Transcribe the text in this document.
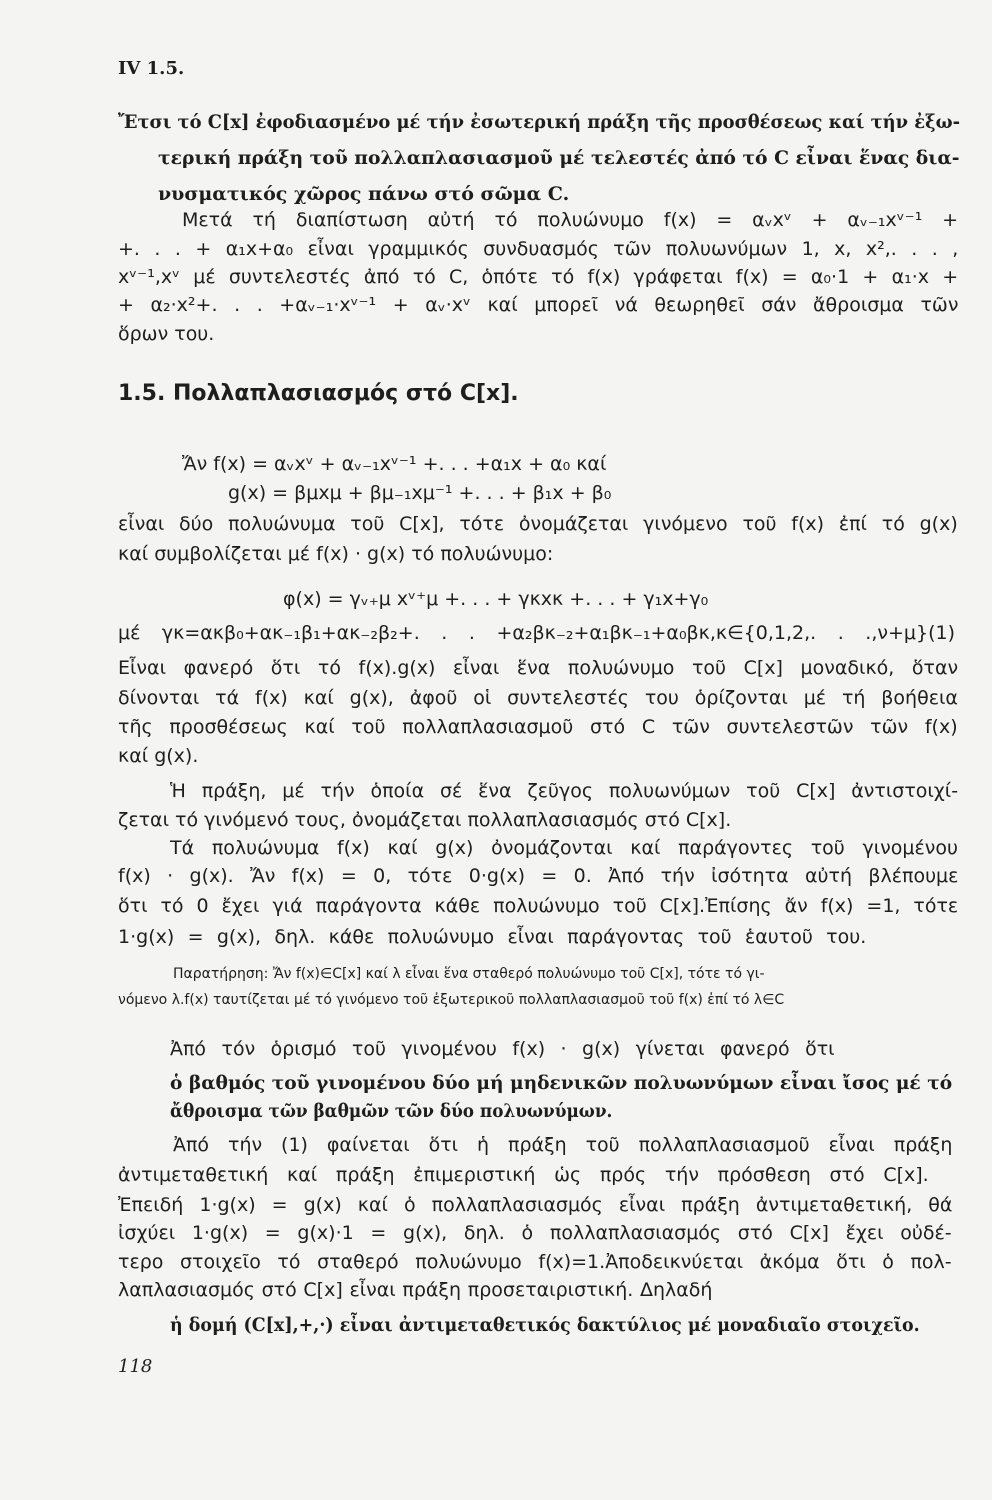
IV 1.5.
1.5. Πολλαπλασιασμός στό C[x].
Ἔτσι τό C[x] ἐφοδιασμένο μέ τήν ἐσωτερική πράξη τῆς προσθέσεως καί τήν ἐξω-
τερική πράξη τοῦ πολλαπλασιασμοῦ μέ τελεστές ἀπό τό C εἶναι ἕνας δια-
νυσματικός χῶρος πάνω στό σῶμα C.
Μετά τή διαπίστωση αὐτή τό πολυώνυμο f(x) = αᵥxᵛ + αᵥ₋₁xᵛ⁻¹ +
+. . . + α₁x+α₀ εἶναι γραμμικός συνδυασμός τῶν πολυωνύμων 1, x, x²,. . . ,
xᵛ⁻¹,xᵛ μέ συντελεστές ἀπό τό C, ὁπότε τό f(x) γράφεται f(x) = α₀·1 + α₁·x +
+ α₂·x²+. . . +αᵥ₋₁·xᵛ⁻¹ + αᵥ·xᵛ καί μπορεῖ νά θεωρηθεῖ σάν ἄθροισμα τῶν
ὅρων του.
Ἄν f(x) = αᵥxᵛ + αᵥ₋₁xᵛ⁻¹ +. . . +α₁x + α₀ καί
g(x) = βμxμ + βμ₋₁xμ⁻¹ +. . . + β₁x + β₀
εἶναι δύο πολυώνυμα τοῦ C[x], τότε ὀνομάζεται γινόμενο τοῦ f(x) ἐπί τό g(x)
καί συμβολίζεται μέ f(x) · g(x) τό πολυώνυμο:
φ(x) = γᵥ₊μ xᵛ⁺μ +. . . + γκxκ +. . . + γ₁x+γ₀
μέ γκ=ακβ₀+ακ₋₁β₁+ακ₋₂β₂+. . . +α₂βκ₋₂+α₁βκ₋₁+α₀βκ,κ∈{0,1,2,. . .,ν+μ}(1)
Εἶναι φανερό ὅτι τό f(x).g(x) εἶναι ἕνα πολυώνυμο τοῦ C[x] μοναδικό, ὅταν
δίνονται τά f(x) καί g(x), ἀφοῦ οἱ συντελεστές του ὁρίζονται μέ τή βοήθεια
τῆς προσθέσεως καί τοῦ πολλαπλασιασμοῦ στό C τῶν συντελεστῶν τῶν f(x)
καί g(x).
Ἡ πράξη, μέ τήν ὁποία σέ ἕνα ζεῦγος πολυωνύμων τοῦ C[x] ἀντιστοιχί-
ζεται τό γινόμενό τους, ὀνομάζεται πολλαπλασιασμός στό C[x].
Τά πολυώνυμα f(x) καί g(x) ὀνομάζονται καί παράγοντες τοῦ γινομένου
f(x) · g(x). Ἄν f(x) = 0, τότε 0·g(x) = 0. Ἀπό τήν ἰσότητα αὐτή βλέπουμε
ὅτι τό 0 ἔχει γιά παράγοντα κάθε πολυώνυμο τοῦ C[x].Ἐπίσης ἄν f(x) =1, τότε
1·g(x) = g(x), δηλ. κάθε πολυώνυμο εἶναι παράγοντας τοῦ ἑαυτοῦ του.
Παρατήρηση: Ἄν f(x)∈C[x] καί λ εἶναι ἕνα σταθερό πολυώνυμο τοῦ C[x], τότε τό γι-
νόμενο λ.f(x) ταυτίζεται μέ τό γινόμενο τοῦ ἐξωτερικοῦ πολλαπλασιασμοῦ τοῦ f(x) ἐπί τό λ∈C
Ἀπό τόν ὁρισμό τοῦ γινομένου f(x) · g(x) γίνεται φανερό ὅτι
ὁ βαθμός τοῦ γινομένου δύο μή μηδενικῶν πολυωνύμων εἶναι ἴσος μέ τό
ἄθροισμα τῶν βαθμῶν τῶν δύο πολυωνύμων.
Ἀπό τήν (1) φαίνεται ὅτι ἡ πράξη τοῦ πολλαπλασιασμοῦ εἶναι πράξη
ἀντιμεταθετική καί πράξη ἐπιμεριστική ὡς πρός τήν πρόσθεση στό C[x].
Ἐπειδή 1·g(x) = g(x) καί ὁ πολλαπλασιασμός εἶναι πράξη ἀντιμεταθετική, θά
ἰσχύει 1·g(x) = g(x)·1 = g(x), δηλ. ὁ πολλαπλασιασμός στό C[x] ἔχει οὐδέ-
τερο στοιχεῖο τό σταθερό πολυώνυμο f(x)=1.Ἀποδεικνύεται ἀκόμα ὅτι ὁ πολ-
λαπλασιασμός στό C[x] εἶναι πράξη προσεταιριστική. Δηλαδή
ἡ δομή (C[x],+,·) εἶναι ἀντιμεταθετικός δακτύλιος μέ μοναδιαῖο στοιχεῖο.
118
